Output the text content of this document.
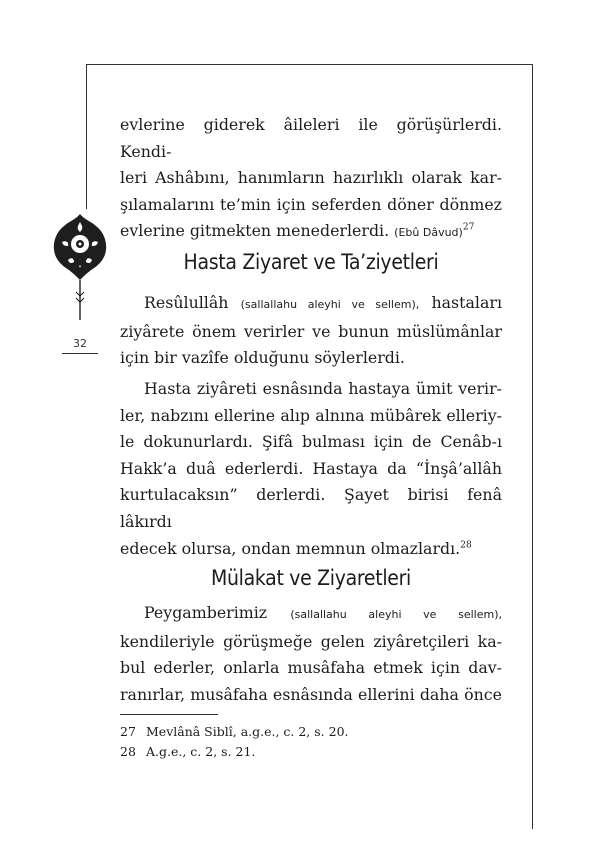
32
evlerine giderek âileleri ile görüşürlerdi. Kendi-
leri Ashâbını, hanımların hazırlıklı olarak kar-
şılamalarını te’min için seferden döner dönmez
evlerine gitmekten menederlerdi. (Ebû Dâvud)$^{27}$
Hasta Ziyaret ve Ta’ziyetleri
Resûlullâh (sallallahu aleyhi ve sellem), hastaları
ziyârete önem verirler ve bunun müslümânlar
için bir vazîfe olduğunu söylerlerdi.
Hasta ziyâreti esnâsında hastaya ümit verir-
ler, nabzını ellerine alıp alnına mübârek elleriy-
le dokunurlardı. Şifâ bulması için de Cenâb-ı
Hakk’a duâ ederlerdi. Hastaya da “İnşâ’allâh
kurtulacaksın” derlerdi. Şayet birisi fenâ lâkırdı
edecek olursa, ondan memnun olmazlardı.$^{28}$
Mülakat ve Ziyaretleri
Peygamberimiz (sallallahu aleyhi ve sellem),
kendileriyle görüşmeğe gelen ziyâretçileri ka-
bul ederler, onlarla musâfaha etmek için dav-
ranırlar, musâfaha esnâsında ellerini daha önce
27 Mevlânâ Siblî, a.g.e., c. 2, s. 20.
28 A.g.e., c. 2, s. 21.
